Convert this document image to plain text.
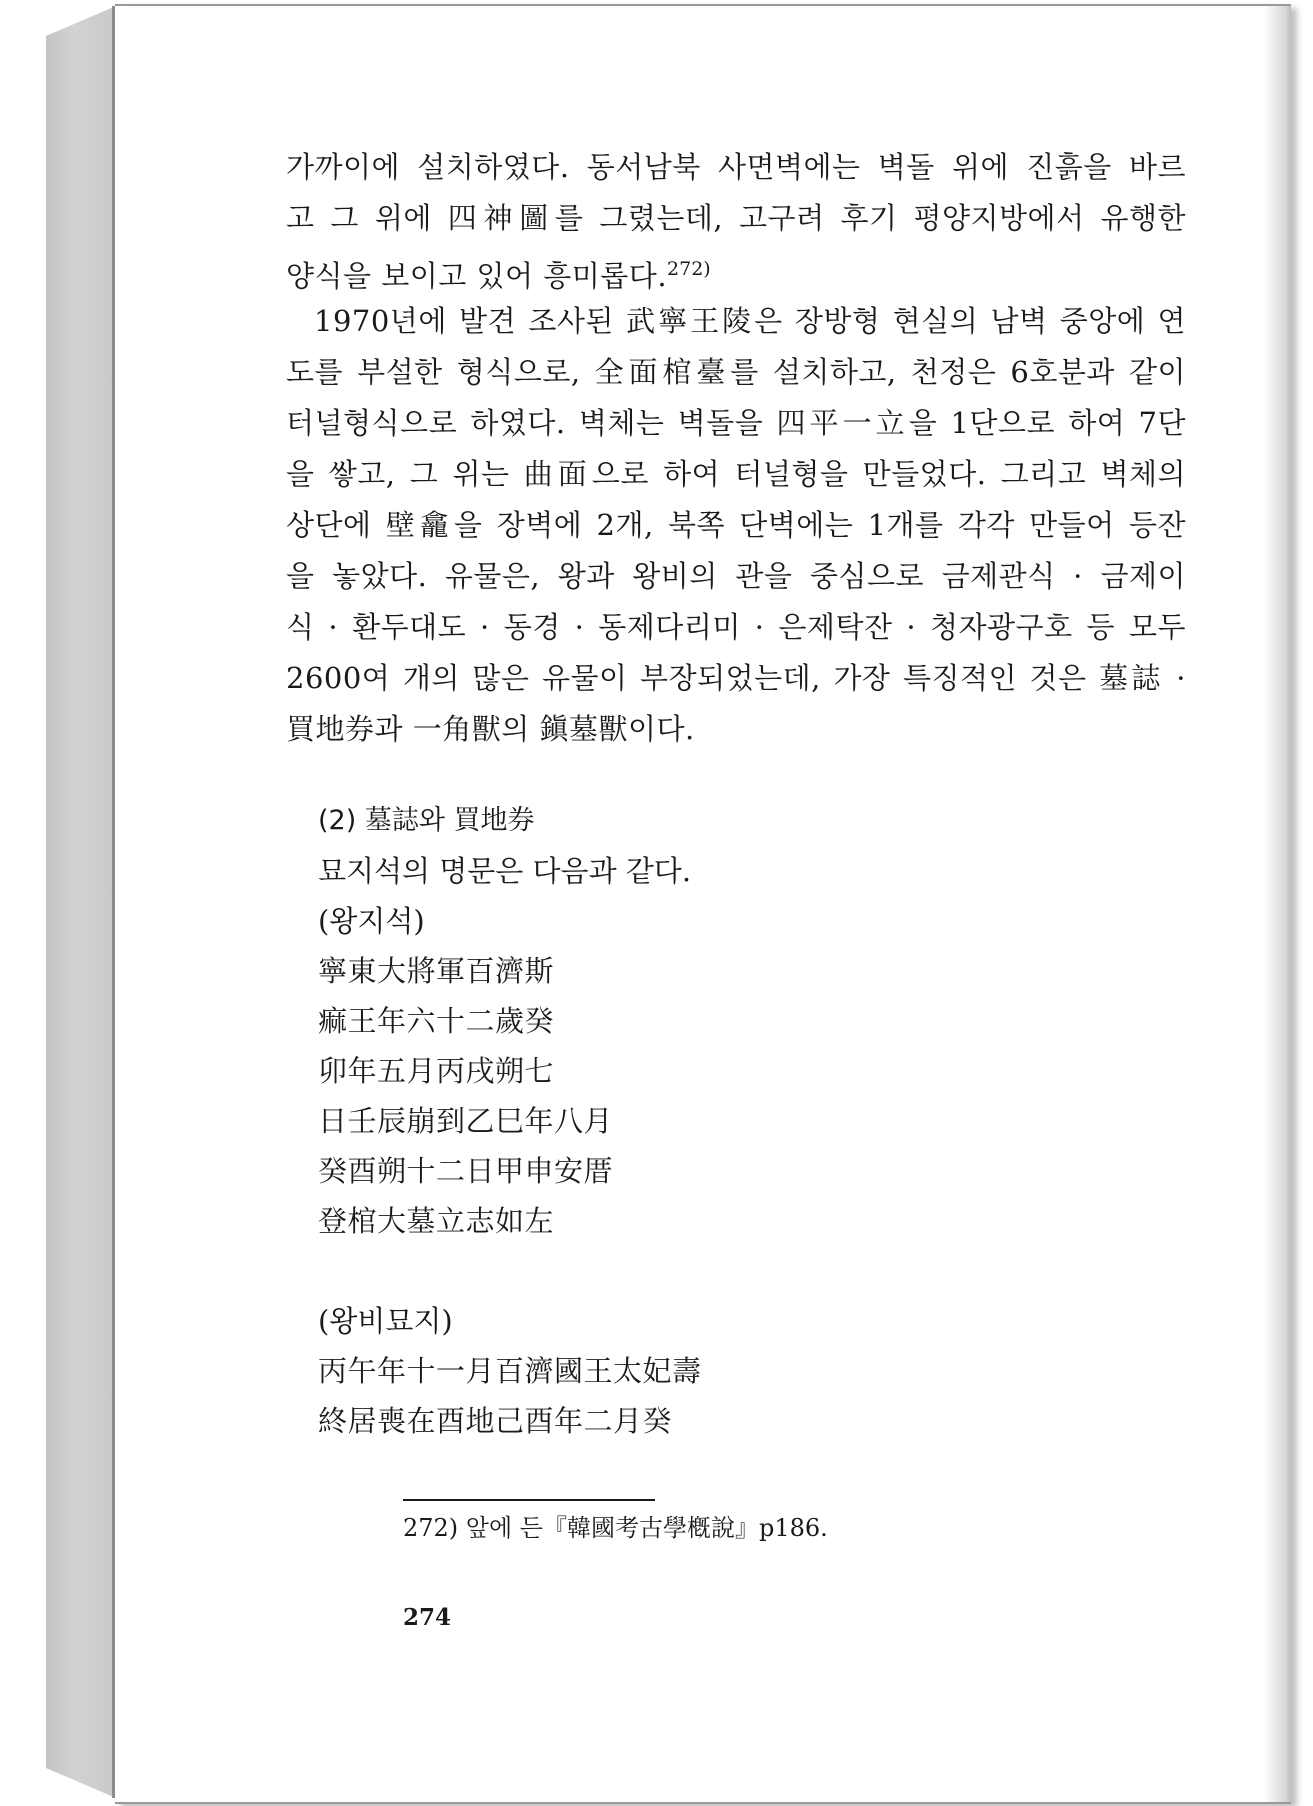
가까이에 설치하였다. 동서남북 사면벽에는 벽돌 위에 진흙을 바르
고 그 위에 四神圖를 그렸는데, 고구려 후기 평양지방에서 유행한
양식을 보이고 있어 흥미롭다.$^{272)}$
1970년에 발견 조사된 武寧王陵은 장방형 현실의 남벽 중앙에 연
도를 부설한 형식으로, 全面棺臺를 설치하고, 천정은 6호분과 같이
터널형식으로 하였다. 벽체는 벽돌을 四平一立을 1단으로 하여 7단
을 쌓고, 그 위는 曲面으로 하여 터널형을 만들었다. 그리고 벽체의
상단에 壁龕을 장벽에 2개, 북쪽 단벽에는 1개를 각각 만들어 등잔
을 놓았다. 유물은, 왕과 왕비의 관을 중심으로 금제관식 · 금제이
식 · 환두대도 · 동경 · 동제다리미 · 은제탁잔 · 청자광구호 등 모두
2600여 개의 많은 유물이 부장되었는데, 가장 특징적인 것은 墓誌 ·
買地券과 一角獸의 鎭墓獸이다.
(2) 墓誌와 買地券
묘지석의 명문은 다음과 같다.
(왕지석)
寧東大將軍百濟斯
痲王年六十二歲癸
卯年五月丙戌朔七
日壬辰崩到乙巳年八月
癸酉朔十二日甲申安厝
登棺大墓立志如左
(왕비묘지)
丙午年十一月百濟國王太妃壽
終居喪在酉地己酉年二月癸
272) 앞에 든『韓國考古學槪說』p186.
274
